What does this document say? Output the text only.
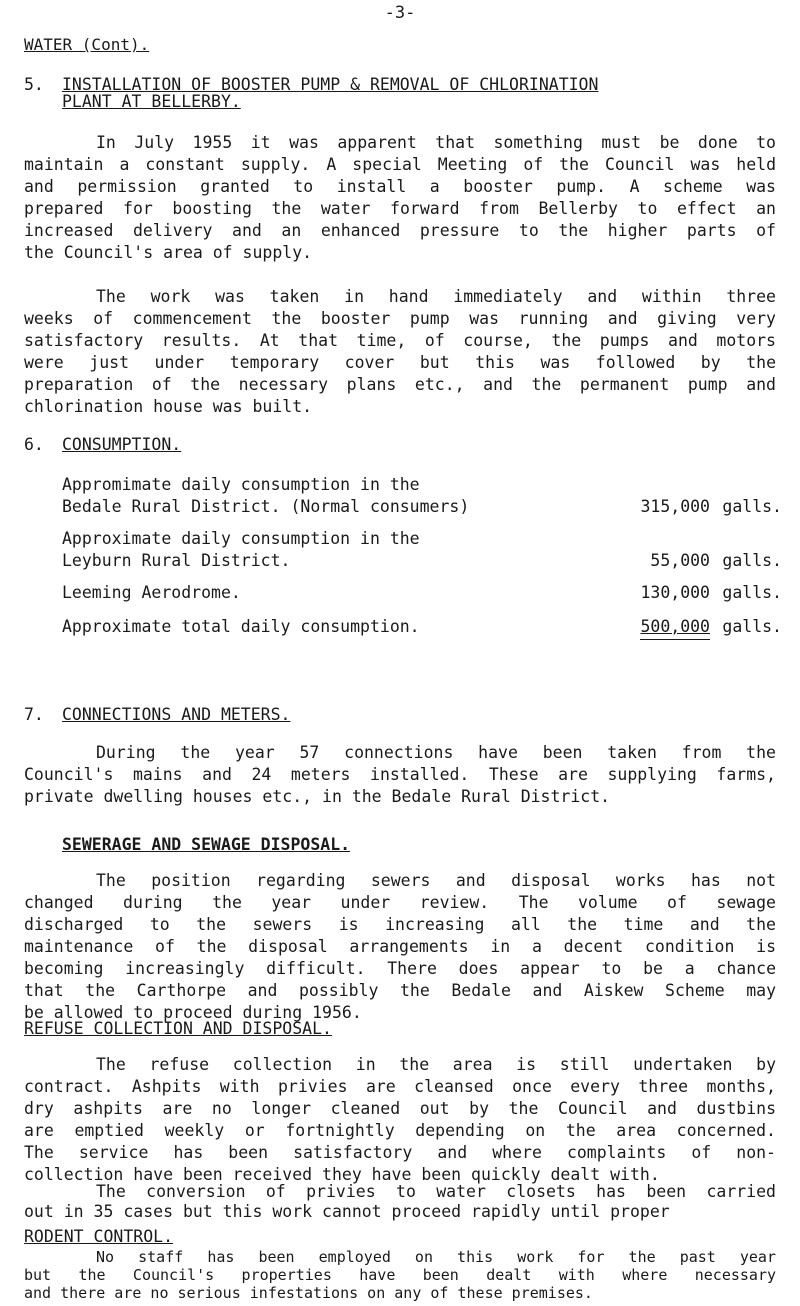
-3-
WATER (Cont).
5. INSTALLATION OF BOOSTER PUMP & REMOVAL OF CHLORINATION
PLANT AT BELLERBY.
In July 1955 it was apparent that something must be done to
maintain a constant supply. A special Meeting of the Council was held
and permission granted to install a booster pump. A scheme was
prepared for boosting the water forward from Bellerby to effect an
increased delivery and an enhanced pressure to the higher parts of
the Council's area of supply.
The work was taken in hand immediately and within three
weeks of commencement the booster pump was running and giving very
satisfactory results. At that time, of course, the pumps and motors
were just under temporary cover but this was followed by the
preparation of the necessary plans etc., and the permanent pump and
chlorination house was built.
6. CONSUMPTION.
Appromimate daily consumption in the
Bedale Rural District. (Normal consumers)	315,000 galls.
Approximate daily consumption in the
Leyburn Rural District.	55,000 galls.
Leeming Aerodrome.	130,000 galls.
Approximate total daily consumption.	500,000 galls.
7. CONNECTIONS AND METERS.
During the year 57 connections have been taken from the
Council's mains and 24 meters installed. These are supplying farms,
private dwelling houses etc., in the Bedale Rural District.
SEWERAGE AND SEWAGE DISPOSAL.
The position regarding sewers and disposal works has not
changed during the year under review. The volume of sewage
discharged to the sewers is increasing all the time and the
maintenance of the disposal arrangements in a decent condition is
becoming increasingly difficult. There does appear to be a chance
that the Carthorpe and possibly the Bedale and Aiskew Scheme may
be allowed to proceed during 1956.
REFUSE COLLECTION AND DISPOSAL.
The refuse collection in the area is still undertaken by
contract. Ashpits with privies are cleansed once every three months,
dry ashpits are no longer cleaned out by the Council and dustbins
are emptied weekly or fortnightly depending on the area concerned.
The service has been satisfactory and where complaints of non-
collection have been received they have been quickly dealt with.
The conversion of privies to water closets has been carried
out in 35 cases but this work cannot proceed rapidly until proper
RODENT CONTROL.
No staff has been employed on this work for the past year
but the Council's properties have been dealt with where necessary
and there are no serious infestations on any of these premises.
